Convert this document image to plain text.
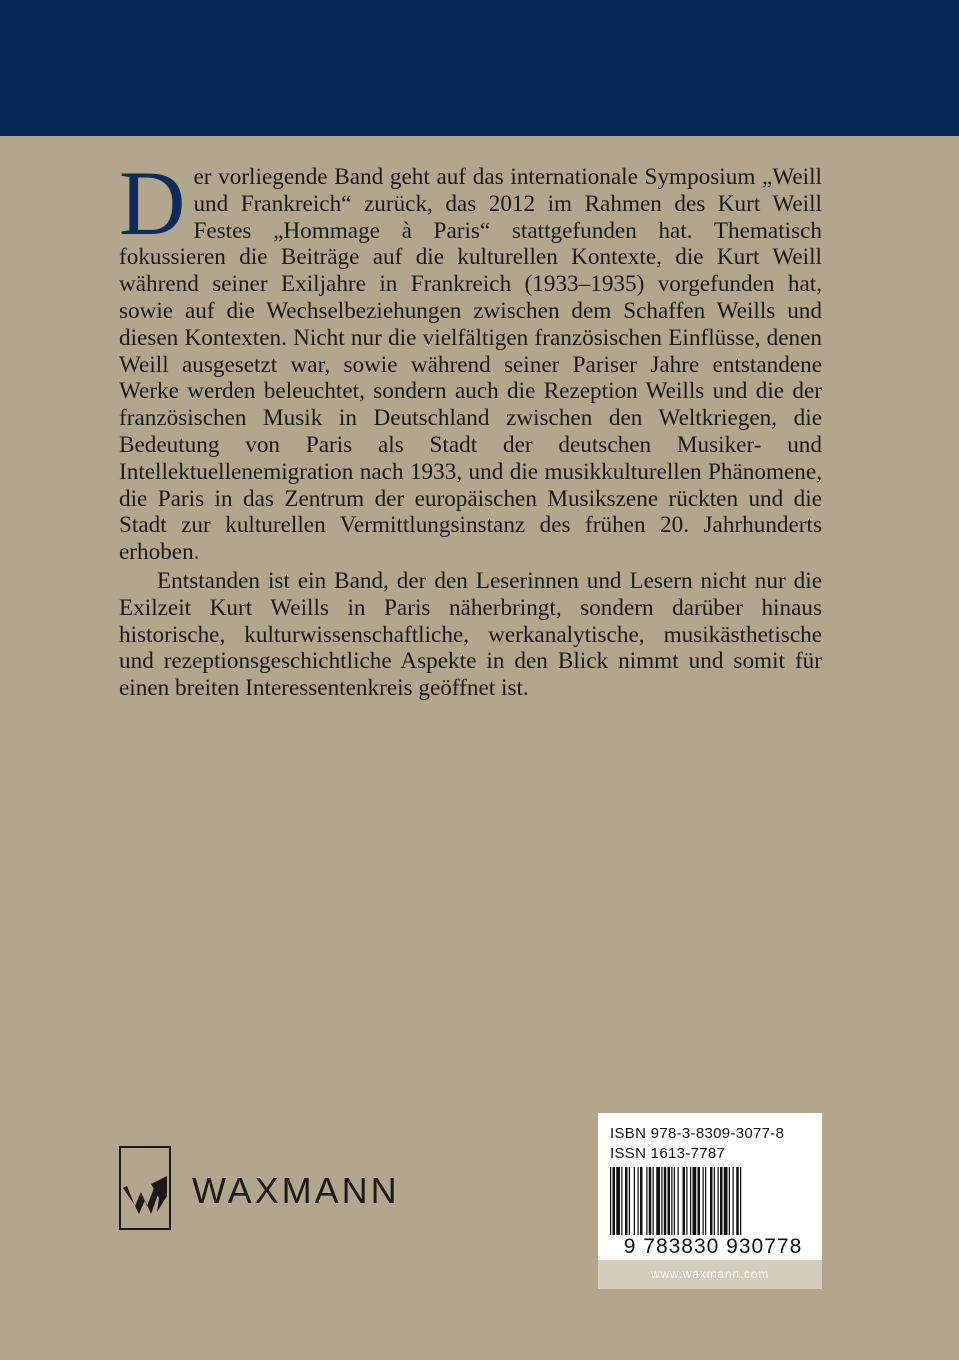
Der vorliegende Band geht auf das internationale Symposium „Weill und Frankreich“ zurück, das 2012 im Rahmen des Kurt Weill Festes „Hommage à Paris“ stattgefunden hat. Thematisch fokussieren die Beiträge auf die kulturellen Kontexte, die Kurt Weill während seiner Exiljahre in Frankreich (1933–1935) vorgefunden hat, sowie auf die Wechselbeziehungen zwischen dem Schaffen Weills und diesen Kontexten. Nicht nur die vielfältigen französischen Einflüsse, denen Weill ausgesetzt war, sowie während seiner Pariser Jahre entstandene Werke werden beleuchtet, sondern auch die Rezeption Weills und die der französischen Musik in Deutschland zwischen den Weltkriegen, die Bedeutung von Paris als Stadt der deutschen Musiker- und Intellektuellenemigration nach 1933, und die musikkulturellen Phänomene, die Paris in das Zentrum der europäischen Musikszene rückten und die Stadt zur kulturellen Vermittlungsinstanz des frühen 20. Jahrhunderts erhoben.

Entstanden ist ein Band, der den Leserinnen und Lesern nicht nur die Exilzeit Kurt Weills in Paris näherbringt, sondern darüber hinaus historische, kulturwissenschaftliche, werkanalytische, musikästhetische und rezeptionsgeschichtliche Aspekte in den Blick nimmt und somit für einen breiten Interessentenkreis geöffnet ist.

WAXMANN
ISBN 978-3-8309-3077-8
ISSN 1613-7787
9 783830 930778
www.waxmann.com
